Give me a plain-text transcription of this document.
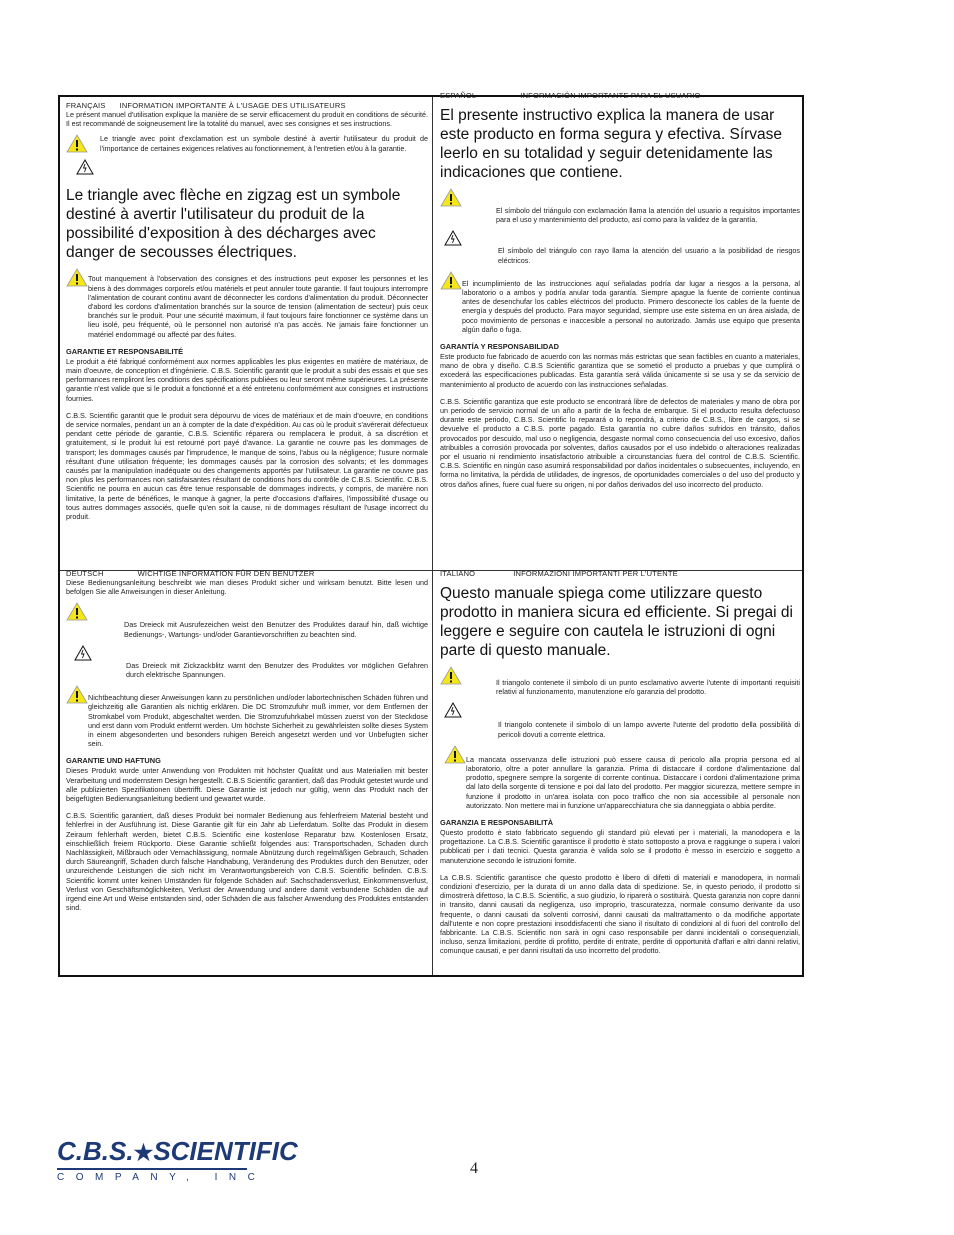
FRANÇAIS INFORMATION IMPORTANTE À L'USAGE DES UTILISATEURS

Le présent manuel d'utilisation explique la manière de se servir efficacement du produit en conditions de sécurité. Il est recommandé de soigneusement lire la totalité du manuel, avec ses consignes et ses instructions.

Le triangle avec point d'exclamation est un symbole destiné à avertir l'utilisateur du produit de l'importance de certaines exigences relatives au fonctionnement, à l'entretien et/ou à la garantie.

Le triangle avec flèche en zigzag est un symbole destiné à avertir l'utilisateur du produit de la possibilité d'exposition à des décharges avec danger de secousses électriques.

Tout manquement à l'observation des consignes et des instructions peut exposer les personnes et les biens à des dommages corporels et/ou matériels et peut annuler toute garantie. Il faut toujours interrompre l'alimentation de courant continu avant de déconnecter les cordons d'alimentation du produit. Déconnecter d'abord les cordons d'alimentation branchés sur la source de tension (alimentation de secteur) puis ceux branchés sur le produit. Pour une sécurité maximum, il faut toujours faire fonctionner ce système dans un lieu isolé, peu fréquenté, où le personnel non autorisé n'a pas accès. Ne jamais faire fonctionner un matériel endommagé ou affecté par des fuites.

GARANTIE ET RESPONSABILITÉ

Le produit a été fabriqué conformément aux normes applicables les plus exigentes en matière de matériaux, de main d'oeuvre, de conception et d'ingénierie. C.B.S. Scientific garantit que le produit a subi des essais et que ses performances rempliront les conditions des spécifications publiées ou leur seront même supérieures. La présente garantie n'est valide que si le produit a fonctionné et a été entretenu conformément aux consignes et instructions fournies.

C.B.S. Scientific garantit que le produit sera dépourvu de vices de matériaux et de main d'oeuvre, en conditions de service normales, pendant un an à compter de la date d'expédition. Au cas où le produit s'avérerait défectueux pendant cette période de garantie, C.B.S. Scientific réparera ou remplacera le produit, à sa discrétion et gratuitement, si le produit lui est retourné port payé d'avance. La garantie ne couvre pas les dommages de transport; les dommages causés par l'imprudence, le manque de soins, l'abus ou la négligence; l'usure normale résultant d'une utilisation fréquente; les dommages causés par la corrosion des solvants; et les dommages causés par la manipulation inadéquate ou des changements apportés par l'utilisateur. La garantie ne couvre pas non plus les performances non satisfaisantes résultant de conditions hors du contrôle de C.B.S. Scientific. C.B.S. Scientific ne pourra en aucun cas être tenue responsable de dommages indirects, y compris, de manière non limitative, la perte de bénéfices, le manque à gagner, la perte d'occasions d'affaires, l'impossibilité d'usage ou tous autres dommages associés, quelle qu'en soit la cause, ni de dommages résultant de l'usage incorrect du produit.

ESPAÑOL	INFORMACIÓN IMPORTANTE PARA EL USUARIO

El presente instructivo explica la manera de usar este producto en forma segura y efectiva. Sírvase leerlo en su totalidad y seguir detenidamente las indicaciones que contiene.

El símbolo del triángulo con exclamación llama la atención del usuario a requisitos importantes para el uso y mantenimiento del producto, así como para la validez de la garantía.

El símbolo del triángulo con rayo llama la atención del usuario a la posibilidad de riesgos eléctricos.

El incumplimiento de las instrucciones aquí señaladas podría dar lugar a riesgos a la persona, al laboratorio o a ambos y podría anular toda garantía. Siempre apague la fuente de corriente continua antes de desenchufar los cables eléctricos del producto. Primero desconecte los cables de la fuente de energía y después del producto. Para mayor seguridad, siempre use este sistema en un área aislada, de poco movimiento de personas e inaccesible a personal no autorizado. Jamás use equipo que presenta algún daño o fuga.

GARANTÍA Y RESPONSABILIDAD

Este producto fue fabricado de acuerdo con las normas más estrictas que sean factibles en cuanto a materiales, mano de obra y diseño. C.B.S Scientific garantiza que se sometió el producto a pruebas y que cumplirá o excederá las especificaciones publicadas. Esta garantía será válida únicamente si se usa y se da servicio de mantenimiento al producto de acuerdo con las instrucciones señaladas.

C.B.S. Scientific garantiza que este producto se encontrará libre de defectos de materiales y mano de obra por un periodo de servicio normal de un año a partir de la fecha de embarque. Si el producto resulta defectuoso durante este periodo, C.B.S. Scientific lo reparará o lo repondrá, a criterio de C.B.S., libre de cargos, si se devuelve el producto a C.B.S. porte pagado. Esta garantía no cubre daños sufridos en tránsito, daños provocados por descuido, mal uso o negligencia, desgaste normal como consecuencia del uso excesivo, daños atribuibles a corrosión provocada por solventes, daños causados por el uso indebido o alteraciones realizadas por el usuario ni rendimiento insatisfactorio atribuible a circunstancias fuera del control de C.B.S. Scientific. C.B.S. Scientific en ningún caso asumirá responsabilidad por daños incidentales o subsecuentes, incluyendo, en forma no limitativa, la pérdida de utilidades, de ingresos, de oportunidades comerciales o del uso del producto y otros daños afines, fuere cual fuere su origen, ni por daños derivados del uso incorrecto del producto.

DEUTSCH	WICHTIGE INFORMATION FÜR DEN BENUTZER

Diese Bedienungsanleitung beschreibt wie man dieses Produkt sicher und wirksam benutzt. Bitte lesen und befolgen Sie alle Anweisungen in dieser Anleitung.

Das Dreieck mit Ausrufezeichen weist den Benutzer des Produktes darauf hin, daß wichtige Bedienungs-, Wartungs- und/oder Garantievorschriften zu beachten sind.

Das Dreieck mit Zickzackblitz warnt den Benutzer des Produktes vor möglichen Gefahren durch elektrische Spannungen.

Nichtbeachtung dieser Anweisungen kann zu persönlichen und/oder labortechnischen Schäden führen und gleichzeitig alle Garantien als nichtig erklären. Die DC Stromzufuhr muß immer, vor dem Entfernen der Stromkabel vom Produkt, abgeschaltet werden. Die Stromzufuhrkabel müssen zuerst von der Steckdose und erst dann vom Produkt entfernt werden. Um höchste Sicherheit zu gewährleisten sollte dieses System in einem abgesonderten und besonders ruhigen Bereich angesetzt werden und vor Unbefugten sicher sein.

GARANTIE UND HAFTUNG

Dieses Produkt wurde unter Anwendung von Produkten mit höchster Qualität und aus Materialien mit bester Verarbeitung und modernstem Design hergestellt. C.B.S Scientific garantiert, daß das Produkt getestet wurde und alle publizierten Spezifikationen übertrifft. Diese Garantie ist jedoch nur gültig, wenn das Produkt nach der beigefügten Bedienungsanleitung bedient und gewartet wurde.

C.B.S. Scientific garantiert, daß dieses Produkt bei normaler Bedienung aus fehlerfreiem Material besteht und fehlerfrei in der Ausführung ist. Diese Garantie gilt für ein Jahr ab Lieferdatum. Sollte das Produkt in diesem Zeiraum fehlerhaft werden, bietet C.B.S. Scientific eine kostenlose Reparatur bzw. Kostenlosen Ersatz, einschließlich freiem Rückporto. Diese Garantie schließt folgendes aus: Transportschaden, Schaden durch Nachlässigkeit, Mißbrauch oder Vernachlässigung, normale Abnützung durch regelmäßigen Gebrauch, Schaden durch Säureangriff, Schaden durch falsche Handhabung, Veränderung des Produktes durch den Benutzer, oder unzureichende Leistungen die sich nicht im Verantwortungsbereich von C.B.S. Scientific befinden. C.B.S. Scientific kommt unter keinen Umständen für folgende Schäden auf: Sachschadensverlust, Einkommensverlust, Verlust von Geschäftsmöglichkeiten, Verlust der Anwendung und andere damit verbundene Schäden die auf irgend eine Art und Weise entstanden sind, oder Schäden die aus falscher Anwendung des Produktes entstanden sind.

ITALIANO	INFORMAZIONI IMPORTANTI PER L'UTENTE

Questo manuale spiega come utilizzare questo prodotto in maniera sicura ed efficiente. Si pregai di leggere e seguire con cautela le istruzioni di ogni parte di questo manuale.

Il triangolo contenete il simbolo di un punto esclamativo avverte l'utente di importanti requisiti relativi al funzionamento, manutenzione e/o garanzia del prodotto.

Il triangolo contenete il simbolo di un lampo avverte l'utente del prodotto della possibilità di pericoli dovuti a corrente elettrica.

La mancata osservanza delle istruzioni può essere causa di pericolo alla propria persona ed al laboratorio, oltre a poter annullare la garanzia. Prima di distaccare il cordone d'alimentazione dal prodotto, spegnere sempre la sorgente di corrente continua. Distaccare i cordoni d'alimentazione prima dal lato della sorgente di tensione e poi dal lato del prodotto. Per maggior sicurezza, mettere sempre in funzione il prodotto in un'area isolata con poco traffico che non sia accessibile al personale non autorizzato. Non mettere mai in funzione un'apparecchiatura che sia danneggiata o abbia perdite.

GARANZIA E RESPONSABILITÀ

Questo prodotto è stato fabbricato seguendo gli standard più elevati per i materiali, la manodopera e la progettazione. La C.B.S. Scientific garantisce il prodotto è stato sottoposto a prova e raggiunge o supera i valori pubblicati per i dati tecnici. Questa garanzia è valida solo se il prodotto è messo in esercizio e soggetto a manutenzione secondo le istruzioni fornite.

La C.B.S. Scientific garantisce che questo prodotto è libero di difetti di materiali e manodopera, in normali condizioni d'esercizio, per la durata di un anno dalla data di spedizione. Se, in questo periodo, il prodotto si dimostrerà difettoso, la C.B.S. Scientific, a suo giudizio, lo riparerà o sostituirà. Questa garanzia non copre danni in transito, danni causati da negligenza, uso improprio, trascuratezza, normale consumo derivante da uso frequente, o danni causati da solventi corrosivi, danni causati da maltrattamento o da modifiche apportate dall'utente e non copre prestazioni insoddisfacenti che siano il risultato di condizioni al di fuori del controllo del fabbricante. La C.B.S. Scientific non sarà in ogni caso responsabile per danni incidentali o consequenziali, incluso, senza limitazioni, perdite di profitto, perdite di entrate, perdite di opportunità d'affari e altri danni relativi, comunque causati, e per danni risultati da uso incorretto del prodotto.

C.B.S.★SCIENTIFIC
COMPANY, INC
4
